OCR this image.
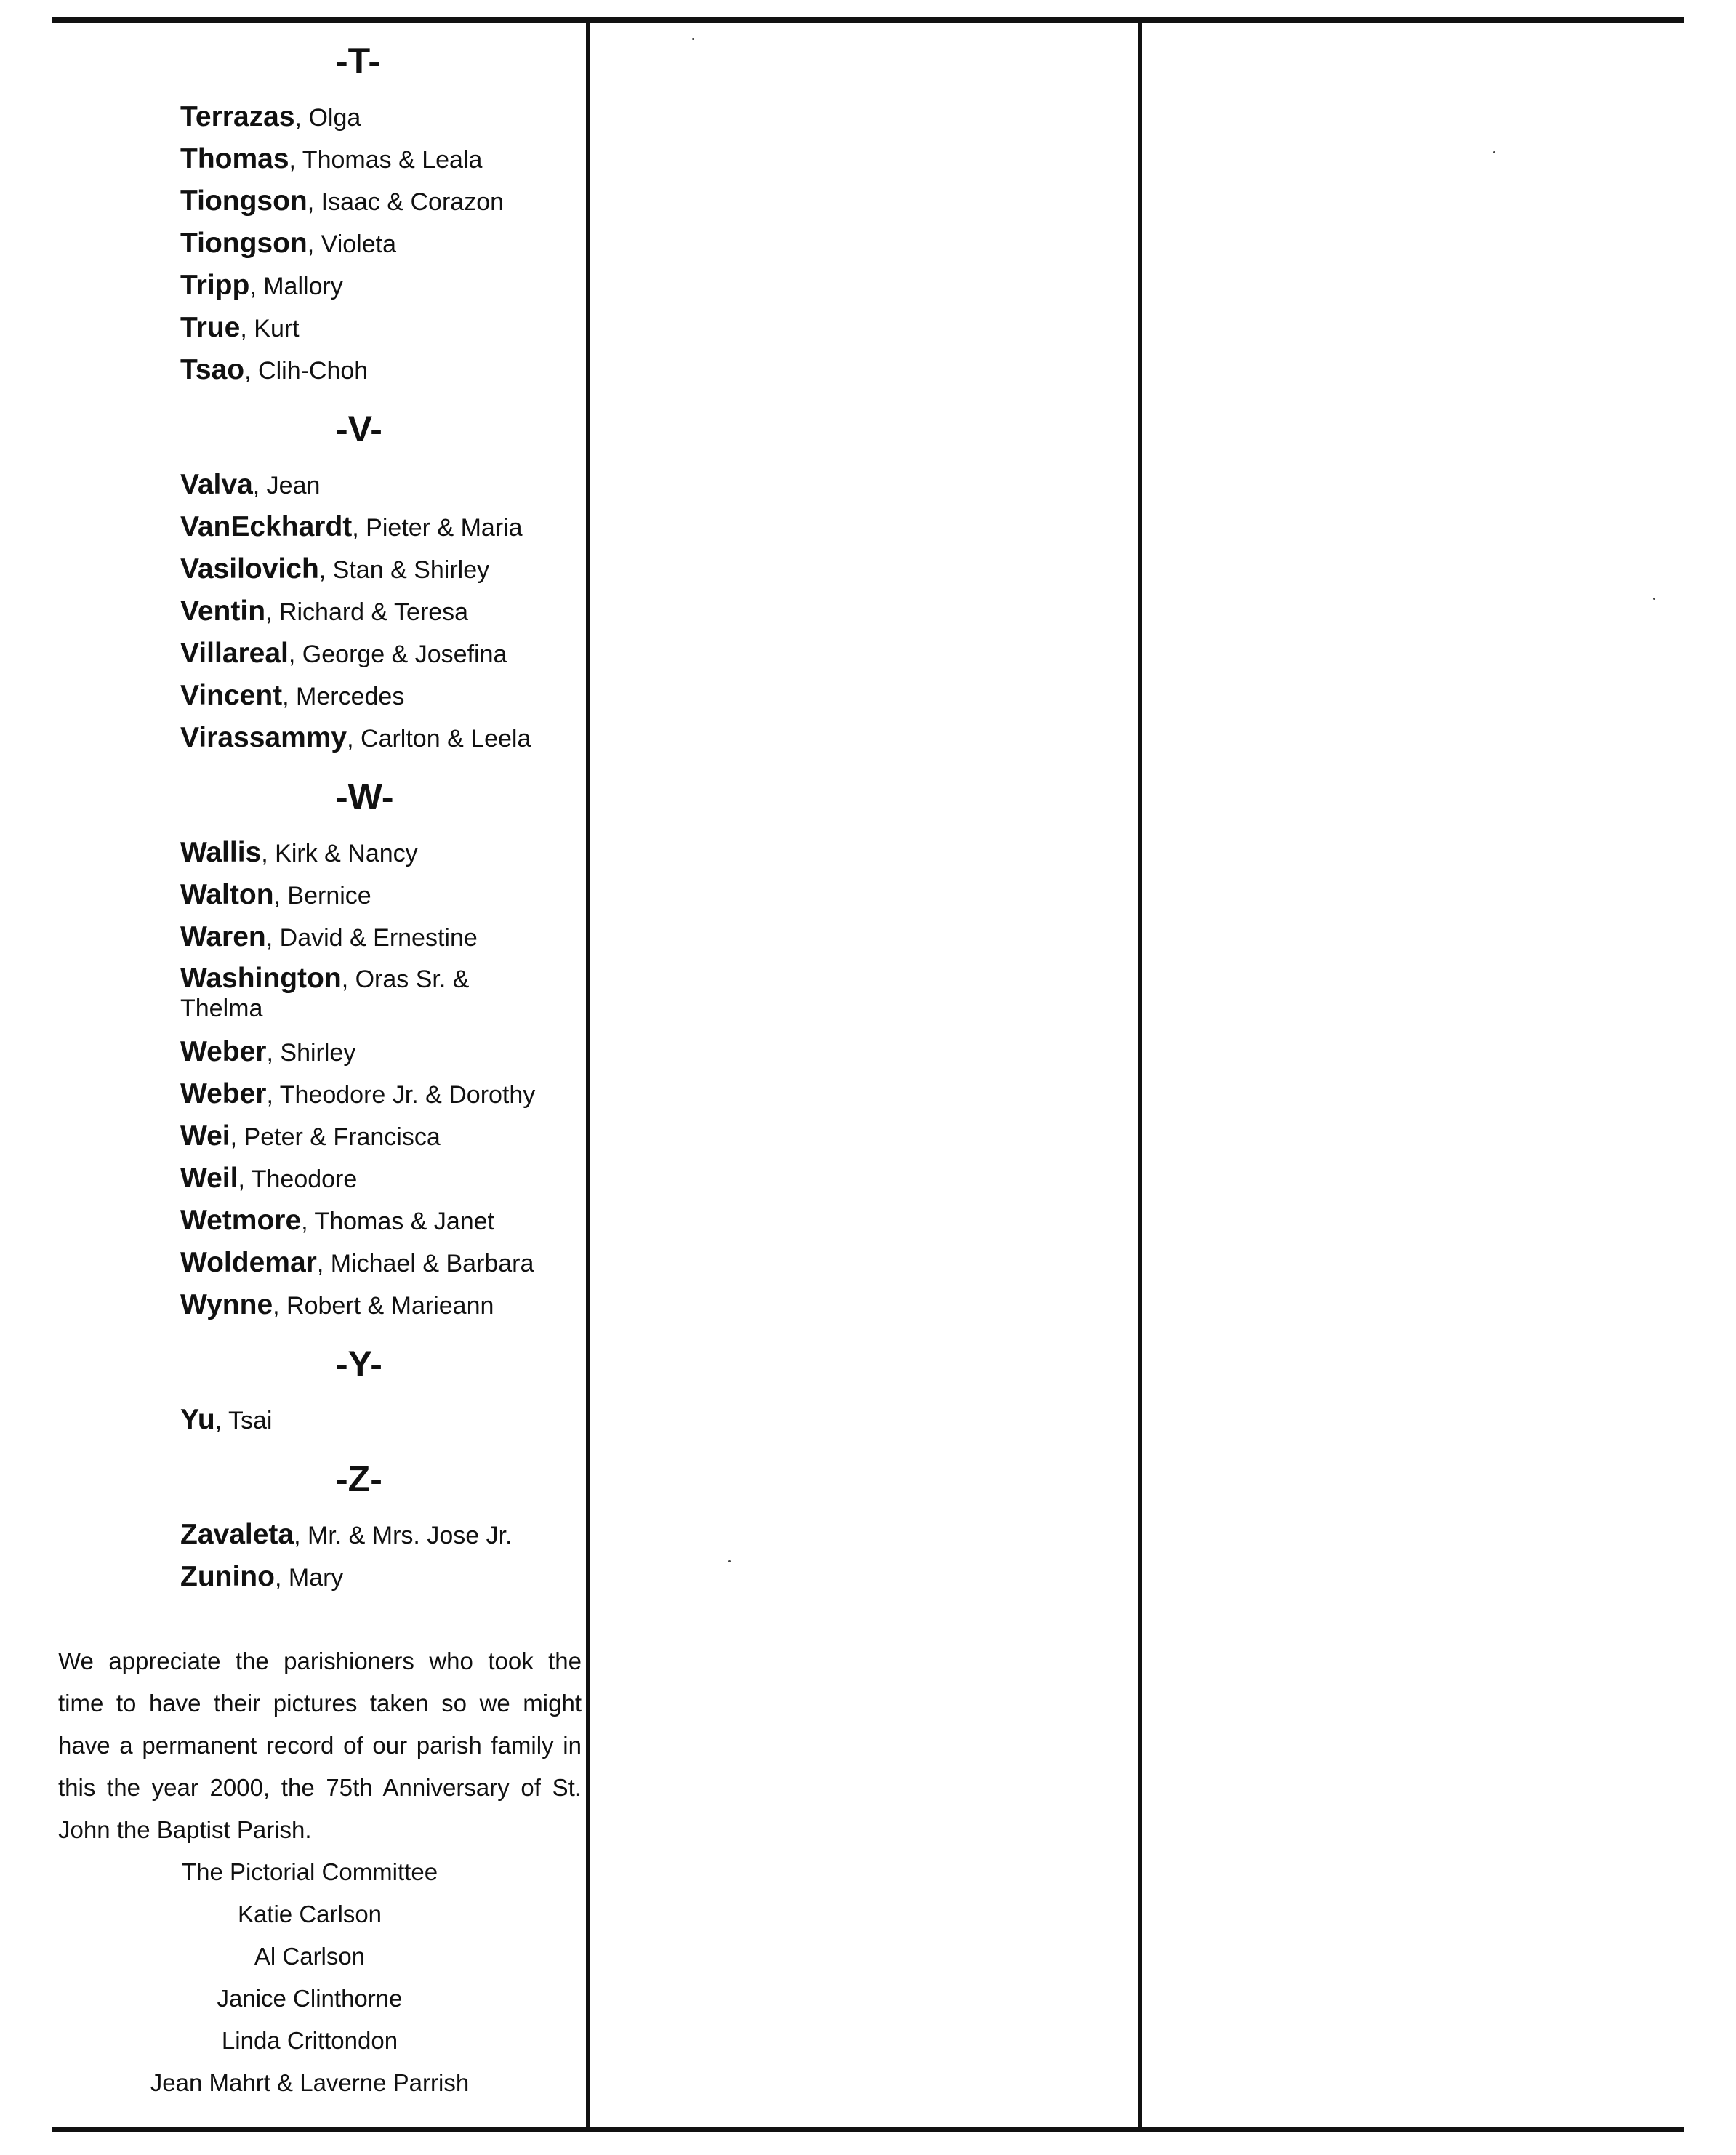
-T-
Terrazas, Olga
Thomas, Thomas & Leala
Tiongson, Isaac & Corazon
Tiongson, Violeta
Tripp, Mallory
True, Kurt
Tsao, Clih-Choh
-V-
Valva, Jean
VanEckhardt, Pieter & Maria
Vasilovich, Stan & Shirley
Ventin, Richard & Teresa
Villareal, George & Josefina
Vincent, Mercedes
Virassammy, Carlton & Leela
-W-
Wallis, Kirk & Nancy
Walton, Bernice
Waren, David & Ernestine
Washington, Oras Sr. & Thelma
Weber, Shirley
Weber, Theodore Jr. & Dorothy
Wei, Peter & Francisca
Weil, Theodore
Wetmore, Thomas & Janet
Woldemar, Michael & Barbara
Wynne, Robert & Marieann
-Y-
Yu, Tsai
-Z-
Zavaleta, Mr. & Mrs. Jose Jr.
Zunino, Mary

We appreciate the parishioners who took the time to have their pictures taken so we might have a permanent record of our parish family in this the year 2000, the 75th Anniversary of St. John the Baptist Parish.

The Pictorial Committee
Katie Carlson
Al Carlson
Janice Clinthorne
Linda Crittondon
Jean Mahrt & Laverne Parrish
